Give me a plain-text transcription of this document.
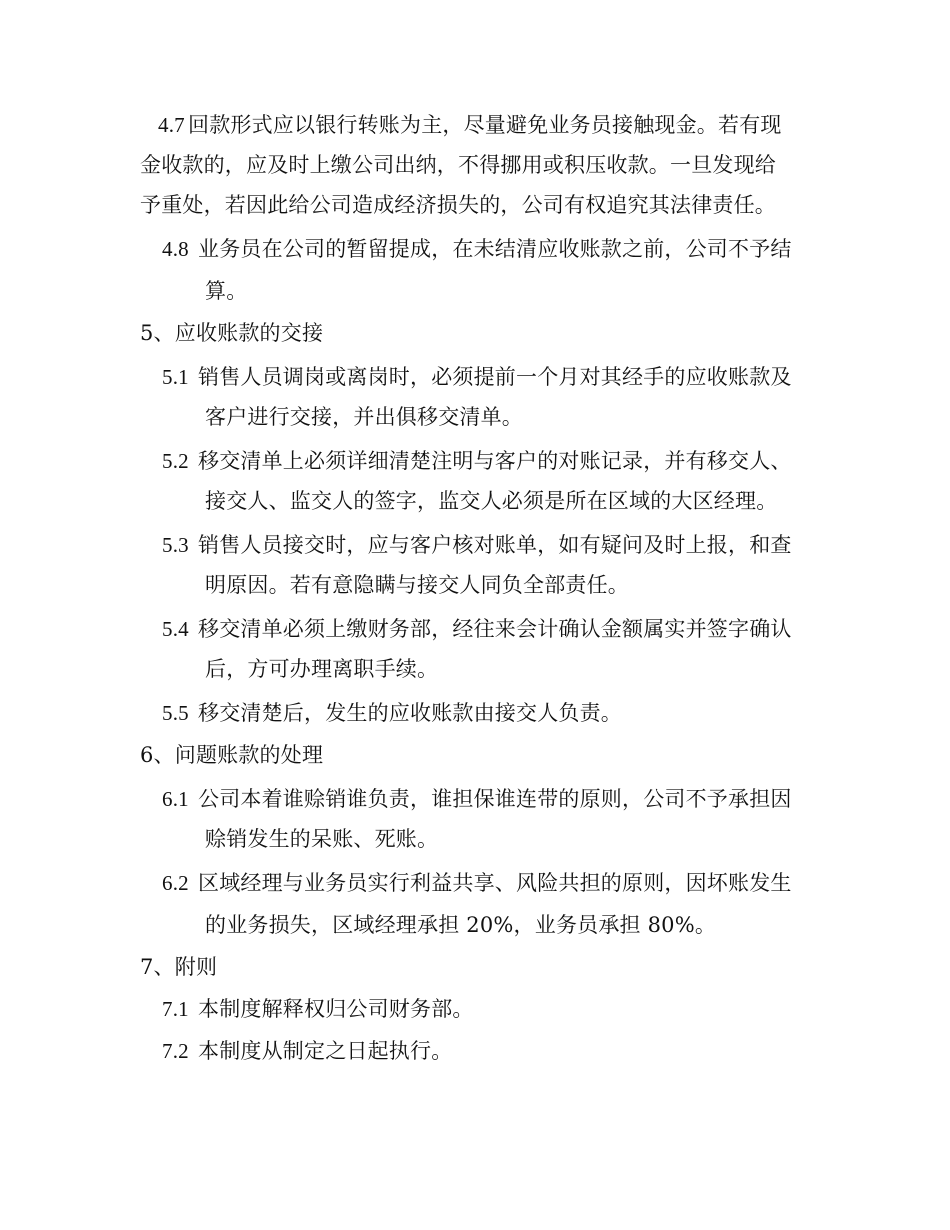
4.7 回款形式应以银行转账为主，尽量避免业务员接触现金。若有现
金收款的，应及时上缴公司出纳，不得挪用或积压收款。一旦发现给
予重处，若因此给公司造成经济损失的，公司有权追究其法律责任。
4.8 业务员在公司的暂留提成，在未结清应收账款之前，公司不予结
算。
5、应收账款的交接
5.1 销售人员调岗或离岗时，必须提前一个月对其经手的应收账款及
客户进行交接，并出俱移交清单。
5.2 移交清单上必须详细清楚注明与客户的对账记录，并有移交人、
接交人、监交人的签字，监交人必须是所在区域的大区经理。
5.3 销售人员接交时，应与客户核对账单，如有疑问及时上报，和查
明原因。若有意隐瞒与接交人同负全部责任。
5.4 移交清单必须上缴财务部，经往来会计确认金额属实并签字确认
后，方可办理离职手续。
5.5 移交清楚后，发生的应收账款由接交人负责。
6、问题账款的处理
6.1 公司本着谁赊销谁负责，谁担保谁连带的原则，公司不予承担因
赊销发生的呆账、死账。
6.2 区域经理与业务员实行利益共享、风险共担的原则，因坏账发生
的业务损失，区域经理承担 20%，业务员承担 80%。
7、附则
7.1 本制度解释权归公司财务部。
7.2 本制度从制定之日起执行。
